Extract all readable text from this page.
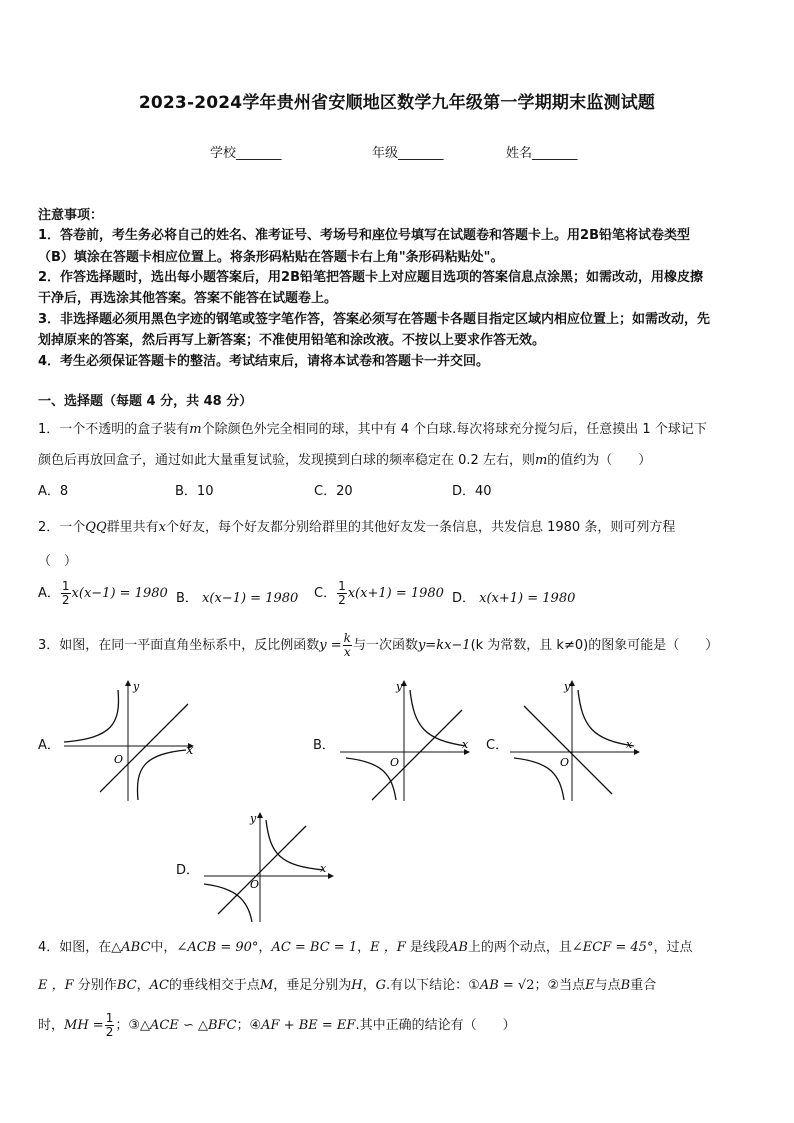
2023-2024学年贵州省安顺地区数学九年级第一学期期末监测试题
学校_______	年级_______	姓名_______
注意事项：
1．答卷前，考生务必将自己的姓名、准考证号、考场号和座位号填写在试题卷和答题卡上。用2B铅笔将试卷类型
（B）填涂在答题卡相应位置上。将条形码粘贴在答题卡右上角"条形码粘贴处"。
2．作答选择题时，选出每小题答案后，用2B铅笔把答题卡上对应题目选项的答案信息点涂黑；如需改动，用橡皮擦
干净后，再选涂其他答案。答案不能答在试题卷上。
3．非选择题必须用黑色字迹的钢笔或签字笔作答，答案必须写在答题卡各题目指定区域内相应位置上；如需改动，先
划掉原来的答案，然后再写上新答案；不准使用铅笔和涂改液。不按以上要求作答无效。
4．考生必须保证答题卡的整洁。考试结束后，请将本试卷和答题卡一并交回。
一、选择题（每题 4 分，共 48 分）
1．一个不透明的盒子装有m个除颜色外完全相同的球，其中有 4 个白球.每次将球充分搅匀后，任意摸出 1 个球记下
颜色后再放回盒子，通过如此大量重复试验，发现摸到白球的频率稳定在 0.2 左右，则m的值约为（　　）
A．8	B．10	C．20	D．40
2．一个QQ群里共有x个好友，每个好友都分别给群里的其他好友发一条信息，共发信息 1980 条，则可列方程
（　）
A． $\frac{1}{2} x(x-1) = 1980$ B． x(x−1) = 1980 C． $\frac{1}{2} x(x+1) = 1980$ D． x(x+1) = 1980
3．如图，在同一平面直角坐标系中，反比例函数$y = \frac{k}{x}$ 与一次函数y=kx−1(k 为常数，且 k≠0)的图象可能是（　　）
A．	B．	C．
D．
x
y
O
x
y
O
x
y
O
x
y
O
4．如图，在△ABC中，∠ACB = 90°，AC = BC = 1，E ，F 是线段AB上的两个动点，且∠ECF = 45°，过点
E ，F 分别作BC，AC的垂线相交于点M，垂足分别为H，G.有以下结论：①AB = √2；②当点E与点B重合
时，MH = $\frac{1}{2}$ ；③△ACE ∽ △BFC；④AF + BE = EF.其中正确的结论有（　　）
